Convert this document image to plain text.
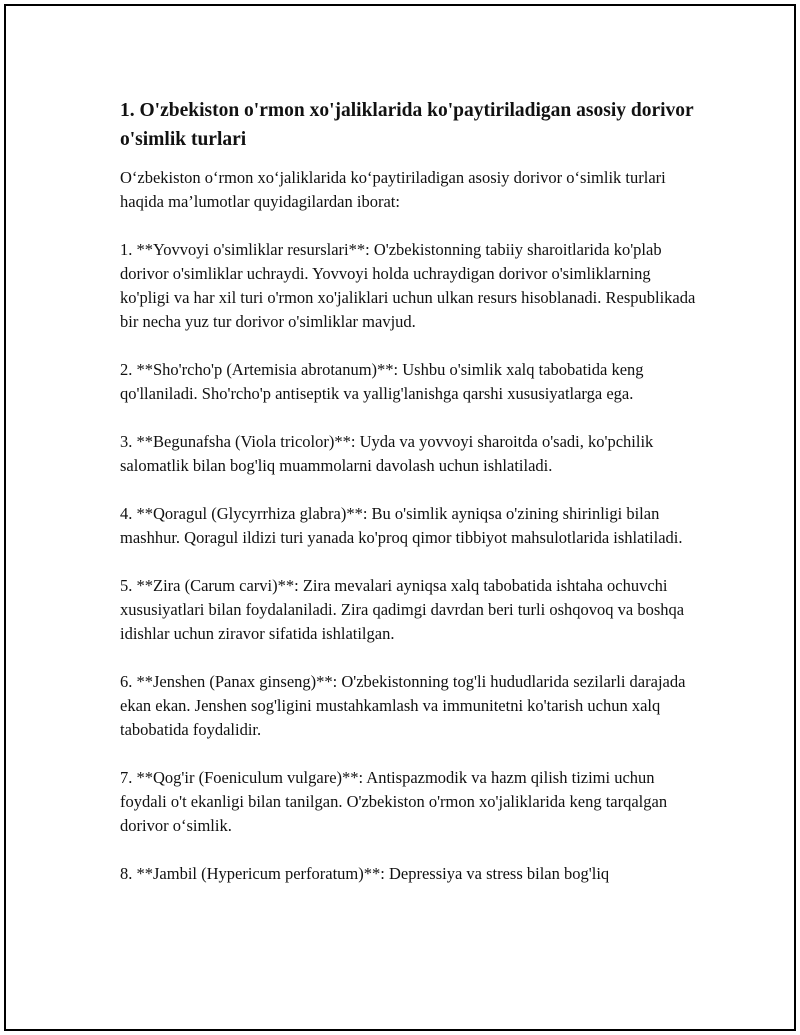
1. O'zbekiston o'rmon xo'jaliklarida ko'paytiriladigan asosiy dorivor o'simlik turlari

O‘zbekiston o‘rmon xo‘jaliklarida ko‘paytiriladigan asosiy dorivor o‘simlik turlari haqida ma’lumotlar quyidagilardan iborat:

1. **Yovvoyi o'simliklar resurslari**: O'zbekistonning tabiiy sharoitlarida ko'plab dorivor o'simliklar uchraydi. Yovvoyi holda uchraydigan dorivor o'simliklarning ko'pligi va har xil turi o'rmon xo'jaliklari uchun ulkan resurs hisoblanadi. Respublikada bir necha yuz tur dorivor o'simliklar mavjud.

2. **Sho'rcho'p (Artemisia abrotanum)**: Ushbu o'simlik xalq tabobatida keng qo'llaniladi. Sho'rcho'p antiseptik va yallig'lanishga qarshi xususiyatlarga ega.

3. **Begunafsha (Viola tricolor)**: Uyda va yovvoyi sharoitda o'sadi, ko'pchilik salomatlik bilan bog'liq muammolarni davolash uchun ishlatiladi.

4. **Qoragul (Glycyrrhiza glabra)**: Bu o'simlik ayniqsa o'zining shirinligi bilan mashhur. Qoragul ildizi turi yanada ko'proq qimor tibbiyot mahsulotlarida ishlatiladi.

5. **Zira (Carum carvi)**: Zira mevalari ayniqsa xalq tabobatida ishtaha ochuvchi xususiyatlari bilan foydalaniladi. Zira qadimgi davrdan beri turli oshqovoq va boshqa idishlar uchun ziravor sifatida ishlatilgan.

6. **Jenshen (Panax ginseng)**: O'zbekistonning tog'li hududlarida sezilarli darajada ekan ekan. Jenshen sog'ligini mustahkamlash va immunitetni ko'tarish uchun xalq tabobatida foydalidir.

7. **Qog'ir (Foeniculum vulgare)**: Antispazmodik va hazm qilish tizimi uchun foydali o't ekanligi bilan tanilgan. O'zbekiston o'rmon xo'jaliklarida keng tarqalgan dorivor o‘simlik.

8. **Jambil (Hypericum perforatum)**: Depressiya va stress bilan bog'liq
